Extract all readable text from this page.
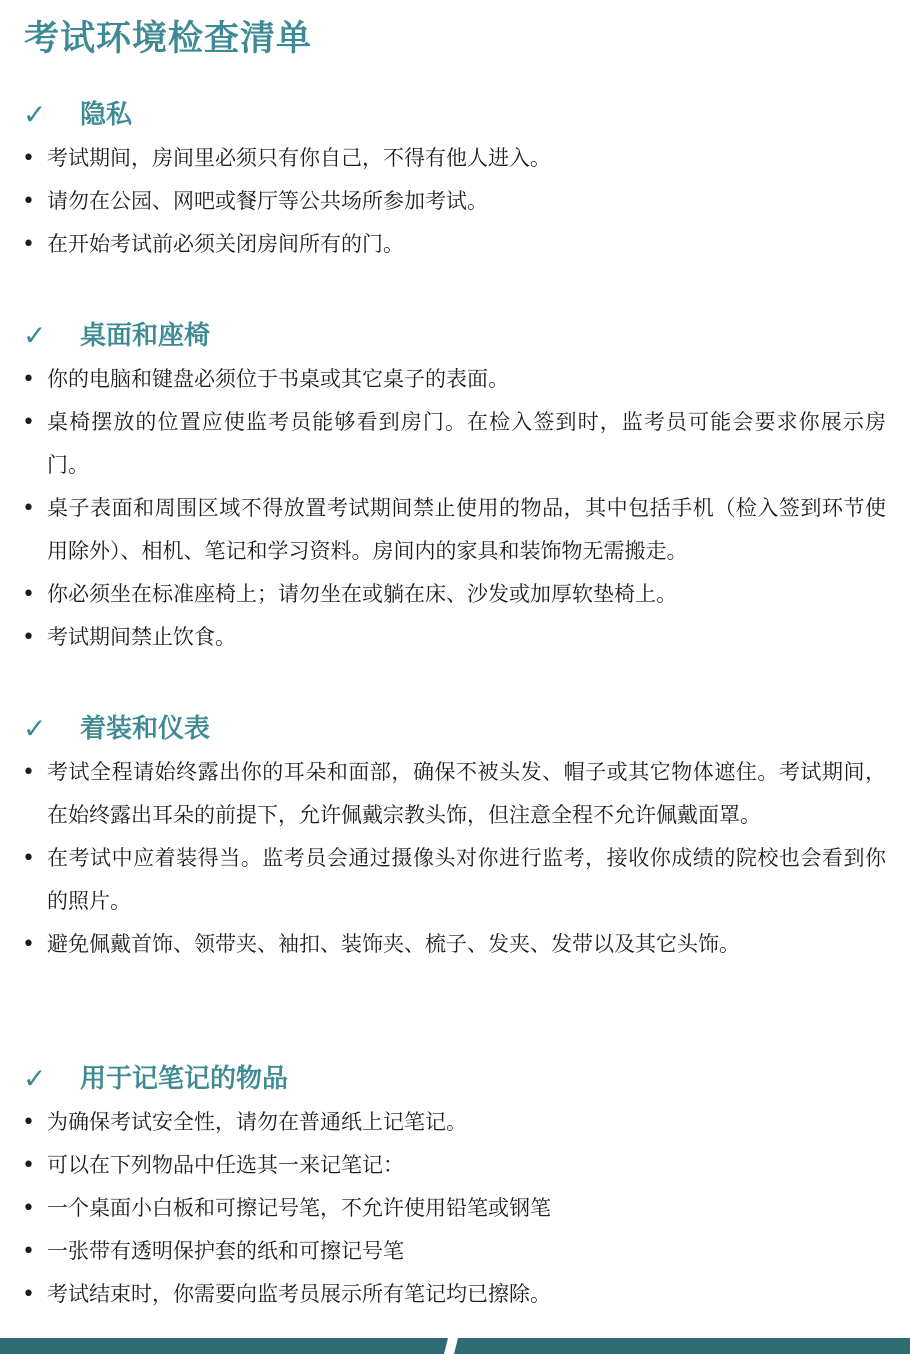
考试环境检查清单
✓ 隐私
• 考试期间，房间里必须只有你自己，不得有他人进入。
• 请勿在公园、网吧或餐厅等公共场所参加考试。
• 在开始考试前必须关闭房间所有的门。
✓ 桌面和座椅
• 你的电脑和键盘必须位于书桌或其它桌子的表面。
• 桌椅摆放的位置应使监考员能够看到房门。在检入签到时，监考员可能会要求你展示房门。
• 桌子表面和周围区域不得放置考试期间禁止使用的物品，其中包括手机（检入签到环节使用除外）、相机、笔记和学习资料。房间内的家具和装饰物无需搬走。
• 你必须坐在标准座椅上；请勿坐在或躺在床、沙发或加厚软垫椅上。
• 考试期间禁止饮食。
✓ 着装和仪表
• 考试全程请始终露出你的耳朵和面部，确保不被头发、帽子或其它物体遮住。考试期间，在始终露出耳朵的前提下，允许佩戴宗教头饰，但注意全程不允许佩戴面罩。
• 在考试中应着装得当。监考员会通过摄像头对你进行监考，接收你成绩的院校也会看到你的照片。
• 避免佩戴首饰、领带夹、袖扣、装饰夹、梳子、发夹、发带以及其它头饰。
✓ 用于记笔记的物品
• 为确保考试安全性，请勿在普通纸上记笔记。
• 可以在下列物品中任选其一来记笔记：
• 一个桌面小白板和可擦记号笔，不允许使用铅笔或钢笔
• 一张带有透明保护套的纸和可擦记号笔
• 考试结束时，你需要向监考员展示所有笔记均已擦除。
